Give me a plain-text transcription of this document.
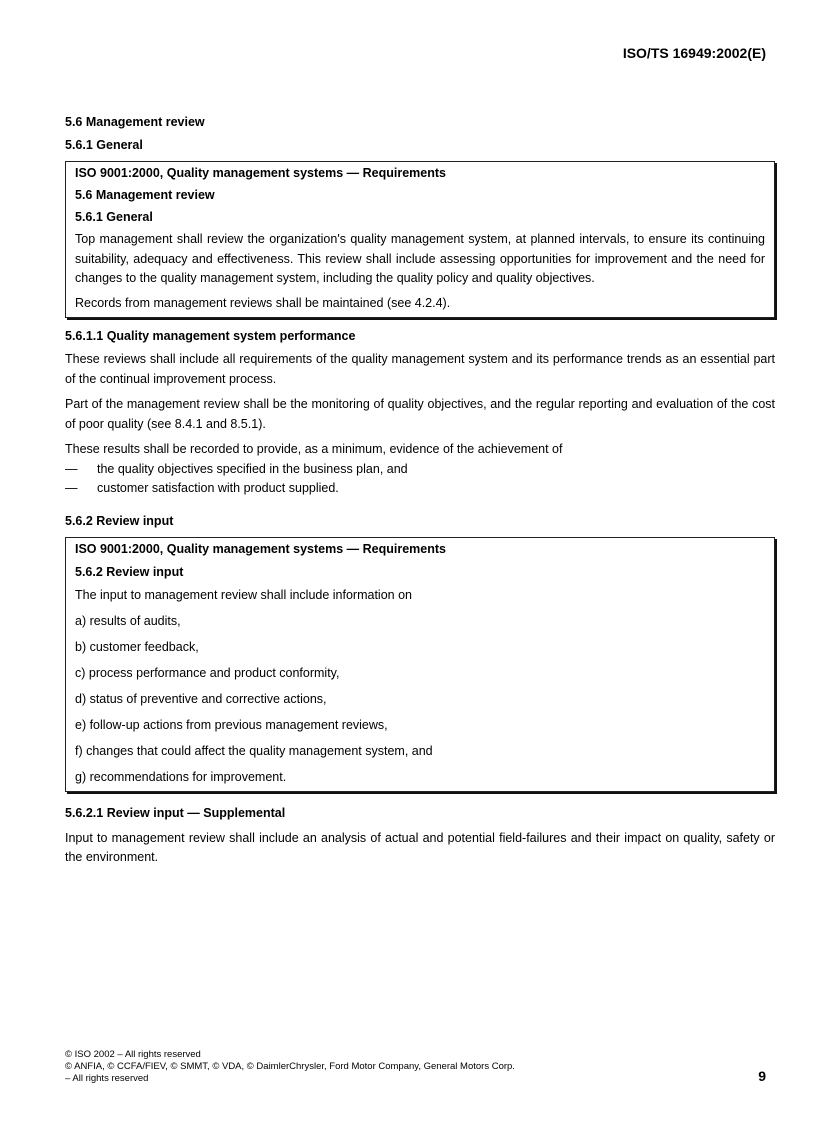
ISO/TS 16949:2002(E)
5.6 Management review
5.6.1 General
ISO 9001:2000, Quality management systems — Requirements
5.6 Management review
5.6.1 General
Top management shall review the organization's quality management system, at planned intervals, to ensure its continuing suitability, adequacy and effectiveness. This review shall include assessing opportunities for improvement and the need for changes to the quality management system, including the quality policy and quality objectives.
Records from management reviews shall be maintained (see 4.2.4).
5.6.1.1 Quality management system performance
These reviews shall include all requirements of the quality management system and its performance trends as an essential part of the continual improvement process.
Part of the management review shall be the monitoring of quality objectives, and the regular reporting and evaluation of the cost of poor quality (see 8.4.1 and 8.5.1).
These results shall be recorded to provide, as a minimum, evidence of the achievement of
—	the quality objectives specified in the business plan, and
—	customer satisfaction with product supplied.
5.6.2 Review input
ISO 9001:2000, Quality management systems — Requirements
5.6.2 Review input
The input to management review shall include information on
a) results of audits,
b) customer feedback,
c) process performance and product conformity,
d) status of preventive and corrective actions,
e) follow-up actions from previous management reviews,
f) changes that could affect the quality management system, and
g) recommendations for improvement.
5.6.2.1 Review input — Supplemental
Input to management review shall include an analysis of actual and potential field-failures and their impact on quality, safety or the environment.
© ISO 2002 – All rights reserved
© ANFIA, © CCFA/FIEV, © SMMT, © VDA, © DaimlerChrysler, Ford Motor Company, General Motors Corp.
– All rights reserved	9
